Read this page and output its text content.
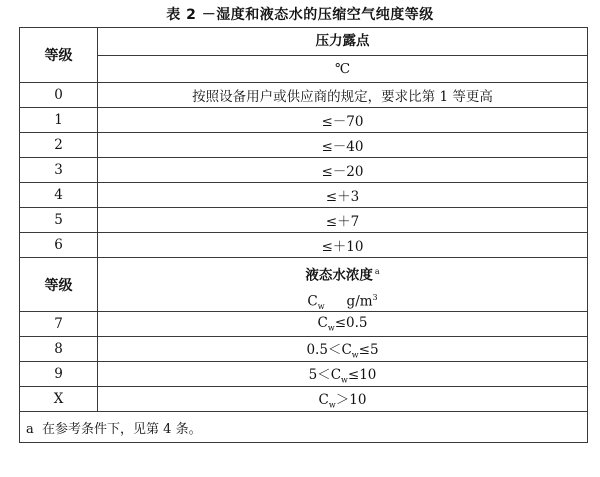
表 2 －湿度和液态水的压缩空气纯度等级
等级	压力露点
℃

0	按照设备用户或供应商的规定，要求比第 1 等更高
1	≤－70
2	≤－40
3	≤－20
4	≤＋3
5	≤＋7
6	≤＋10
等级	液态水浓度 $^a$
$C_w$ $g/m^3$

7	$C_w\le 0.5$
8	$0.5<C_w\le 5$
9	$5<C_w\le 10$
X	$C_w>10$
a 在参考条件下，见第 4 条。	
